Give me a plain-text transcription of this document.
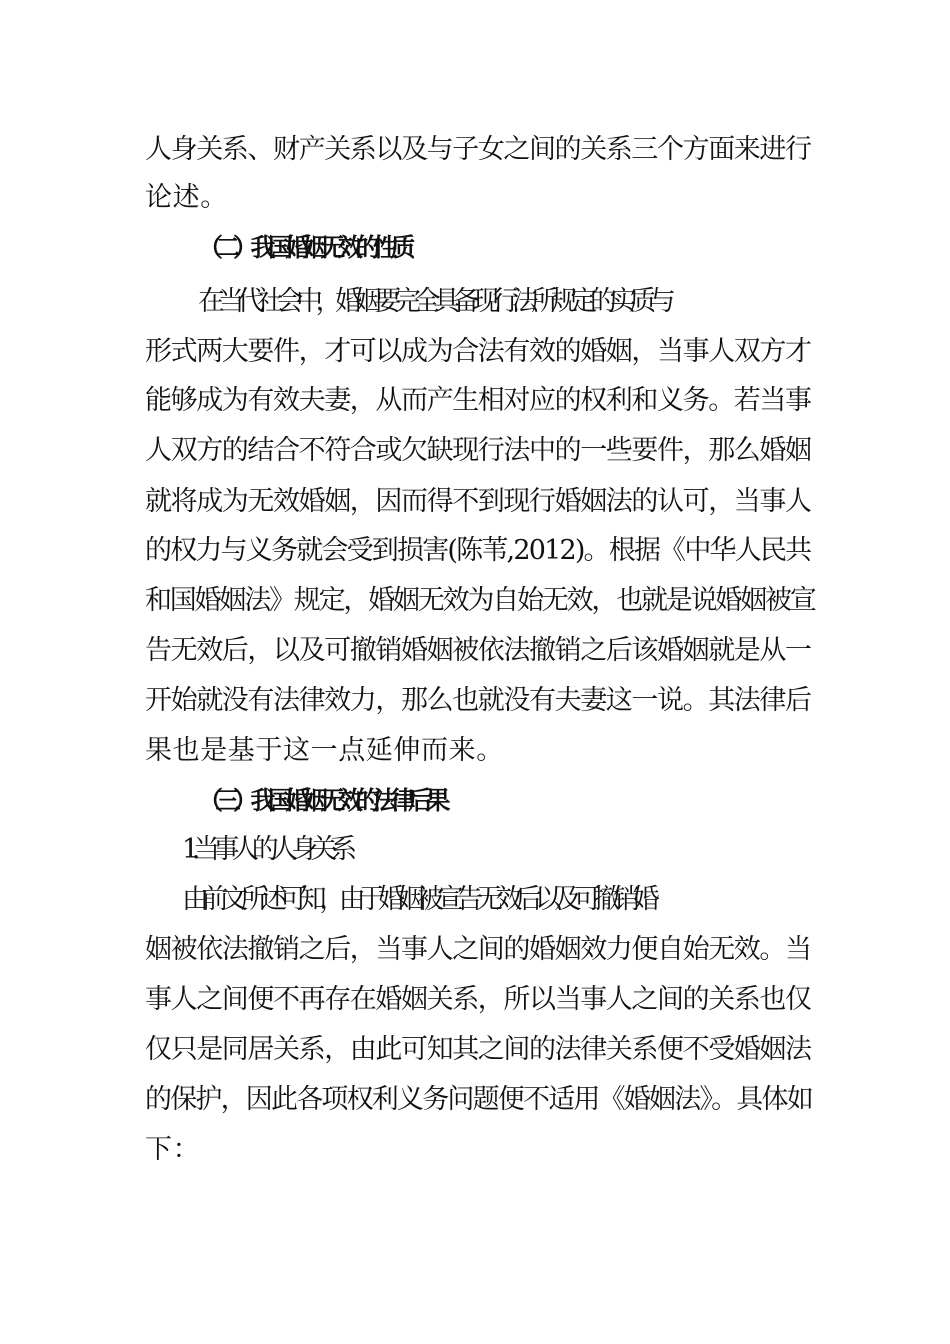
人身关系、财产关系以及与子女之间的关系三个方面来进行
论述。
（二）我国婚姻无效的性质
在当代社会中，婚姻要完全具备现行法所规定的实质与
形式两大要件，才可以成为合法有效的婚姻，当事人双方才
能够成为有效夫妻，从而产生相对应的权利和义务。若当事
人双方的结合不符合或欠缺现行法中的一些要件，那么婚姻
就将成为无效婚姻，因而得不到现行婚姻法的认可，当事人
的权力与义务就会受到损害(陈苇,2012)。根据《中华人民共
和国婚姻法》规定，婚姻无效为自始无效，也就是说婚姻被宣
告无效后，以及可撤销婚姻被依法撤销之后该婚姻就是从一
开始就没有法律效力，那么也就没有夫妻这一说。其法律后
果也是基于这一点延伸而来。
（三）我国婚姻无效的法律后果
1.当事人的人身关系
由前文所述可知，由于婚姻被宣告无效后以及可撤销婚
姻被依法撤销之后，当事人之间的婚姻效力便自始无效。当
事人之间便不再存在婚姻关系，所以当事人之间的关系也仅
仅只是同居关系，由此可知其之间的法律关系便不受婚姻法
的保护，因此各项权利义务问题便不适用《婚姻法》。具体如
下：
